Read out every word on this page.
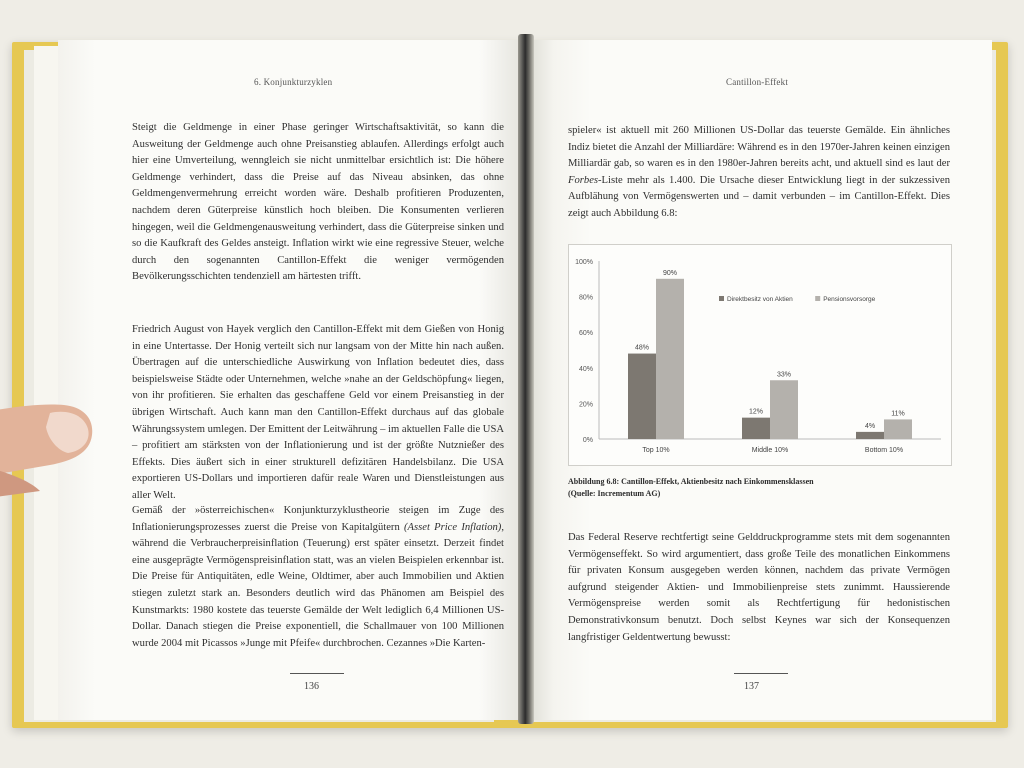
6. Konjunkturzyklen

Steigt die Geldmenge in einer Phase geringer Wirtschaftsaktivität, so kann die Ausweitung der Geldmenge auch ohne Preisanstieg ablaufen. Allerdings erfolgt auch hier eine Umverteilung, wenngleich sie nicht unmittelbar ersichtlich ist: Die höhere Geldmenge verhindert, dass die Preise auf das Niveau absinken, das ohne Geldmengenvermehrung erreicht worden wäre. Deshalb profitieren Produzenten, nachdem deren Güterpreise künstlich hoch bleiben. Die Konsumenten verlieren hingegen, weil die Geldmengenausweitung verhindert, dass die Güterpreise sinken und so die Kaufkraft des Geldes ansteigt. Inflation wirkt wie eine regressive Steuer, welche durch den sogenannten Cantillon-Effekt die weniger vermögenden Bevölkerungsschichten tendenziell am härtesten trifft.

Friedrich August von Hayek verglich den Cantillon-Effekt mit dem Gießen von Honig in eine Untertasse. Der Honig verteilt sich nur langsam von der Mitte hin nach außen. Übertragen auf die unterschiedliche Auswirkung von Inflation bedeutet dies, dass beispielsweise Städte oder Unternehmen, welche »nahe an der Geldschöpfung« liegen, von ihr profitieren. Sie erhalten das geschaffene Geld vor einem Preisanstieg in der übrigen Wirtschaft. Auch kann man den Cantillon-Effekt durchaus auf das globale Währungssystem umlegen. Der Emittent der Leitwährung – im aktuellen Falle die USA – profitiert am stärksten von der Inflationierung und ist der größte Nutznießer des Effekts. Dies äußert sich in einer strukturell defizitären Handelsbilanz. Die USA exportieren US-Dollars und importieren dafür reale Waren und Dienstleistungen aus aller Welt.

Gemäß der »österreichischen« Konjunkturzyklustheorie steigen im Zuge des Inflationierungsprozesses zuerst die Preise von Kapitalgütern (Asset Price Inflation), während die Verbraucherpreisinflation (Teuerung) erst später einsetzt. Derzeit findet eine ausgeprägte Vermögenspreisinflation statt, was an vielen Beispielen erkennbar ist. Die Preise für Antiquitäten, edle Weine, Oldtimer, aber auch Immobilien und Aktien stiegen zuletzt stark an. Besonders deutlich wird das Phänomen am Beispiel des Kunstmarkts: 1980 kostete das teuerste Gemälde der Welt lediglich 6,4 Millionen US-Dollar. Danach stiegen die Preise exponentiell, die Schallmauer von 100 Millionen wurde 2004 mit Picassos »Junge mit Pfeife« durchbrochen. Cezannes »Die Karten-

136
Cantillon-Effekt

spieler« ist aktuell mit 260 Millionen US-Dollar das teuerste Gemälde. Ein ähnliches Indiz bietet die Anzahl der Milliardäre: Während es in den 1970er-Jahren keinen einzigen Milliardär gab, so waren es in den 1980er-Jahren bereits acht, und aktuell sind es laut der Forbes-Liste mehr als 1.400. Die Ursache dieser Entwicklung liegt in der sukzessiven Aufblähung von Vermögenswerten und – damit verbunden – im Cantillon-Effekt. Dies zeigt auch Abbildung 6.8:

0%
20%
40%
60%
80%
100%
48%
90%
Top 10%
12%
33%
Middle 10%
4%
11%
Bottom 10%
Direktbesitz von Aktien	Pensionsvorsorge
Abbildung 6.8: Cantillon-Effekt, Aktienbesitz nach Einkommensklassen
(Quelle: Incrementum AG)

Das Federal Reserve rechtfertigt seine Gelddruckprogramme stets mit dem sogenannten Vermögenseffekt. So wird argumentiert, dass große Teile des monatlichen Einkommens für privaten Konsum ausgegeben werden können, nachdem das private Vermögen aufgrund steigender Aktien- und Immobilienpreise stets zunimmt. Haussierende Vermögenspreise werden somit als Rechtfertigung für hedonistischen Demonstrativkonsum benutzt. Doch selbst Keynes war sich der Konsequenzen langfristiger Geldentwertung bewusst:

137
